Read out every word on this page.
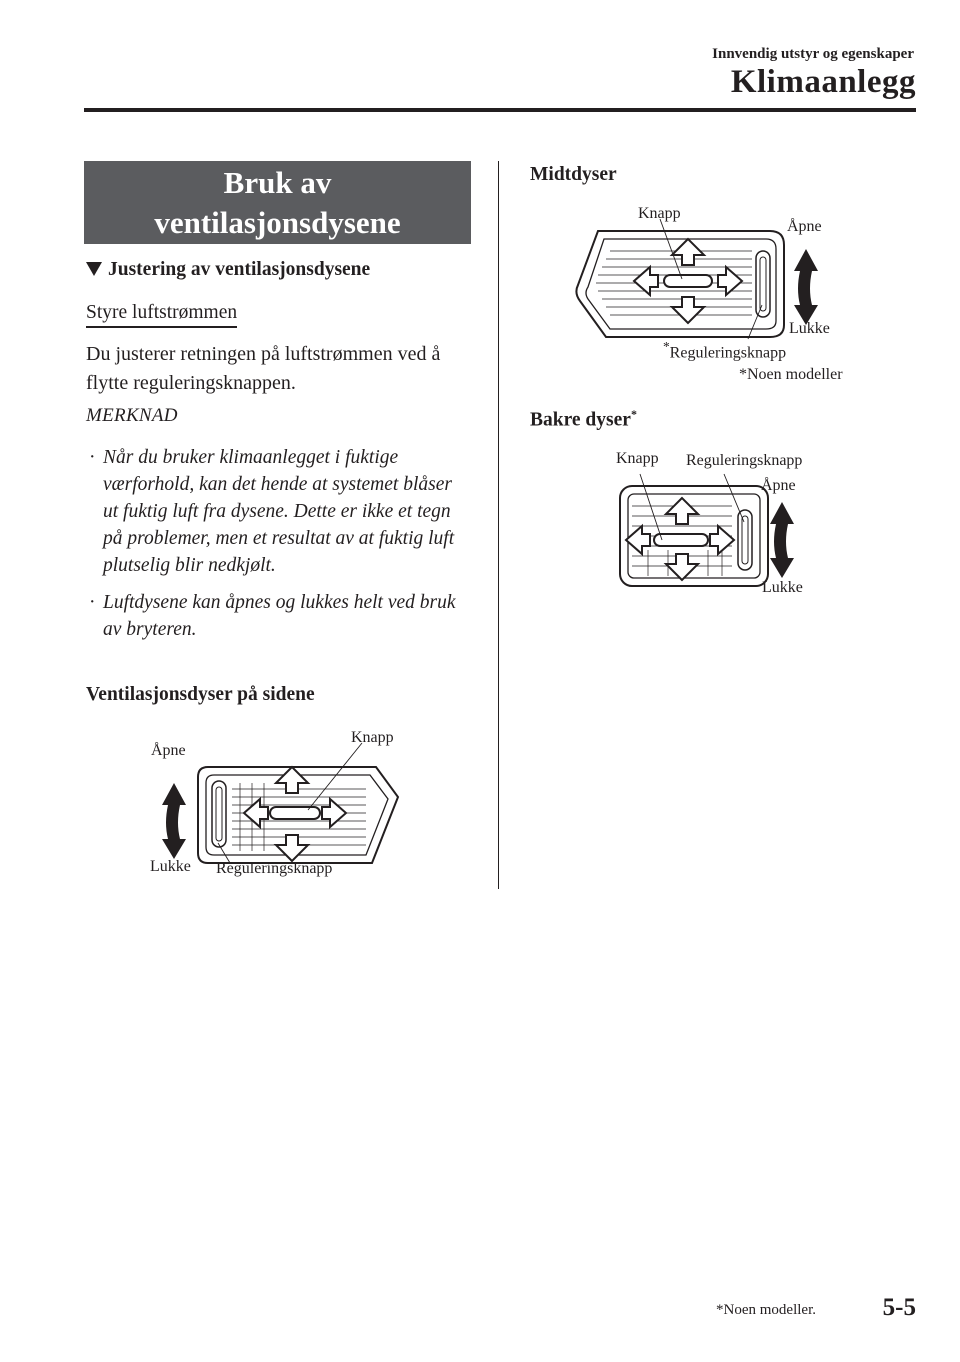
Innvendig utstyr og egenskaper
Klimaanlegg
Bruk av
ventilasjonsdysene
Justering av ventilasjonsdysene
Styre luftstrømmen
Du justerer retningen på luftstrømmen ved å flytte reguleringsknappen.
MERKNAD
· Når du bruker klimaanlegget i fuktige værforhold, kan det hende at systemet blåser ut fuktig luft fra dysene. Dette er ikke et tegn på problemer, men et resultat av at fuktig luft plutselig blir nedkjølt.
· Luftdysene kan åpnes og lukkes helt ved bruk av bryteren.
Ventilasjonsdyser på sidene
Åpne
Knapp
Lukke Reguleringsknapp
Midtdyser
Knapp
Åpne
Lukke
*Reguleringsknapp
*Noen modeller
Bakre dyser*
Knapp Reguleringsknapp
Åpne
Lukke
*Noen modeller.	5-5
